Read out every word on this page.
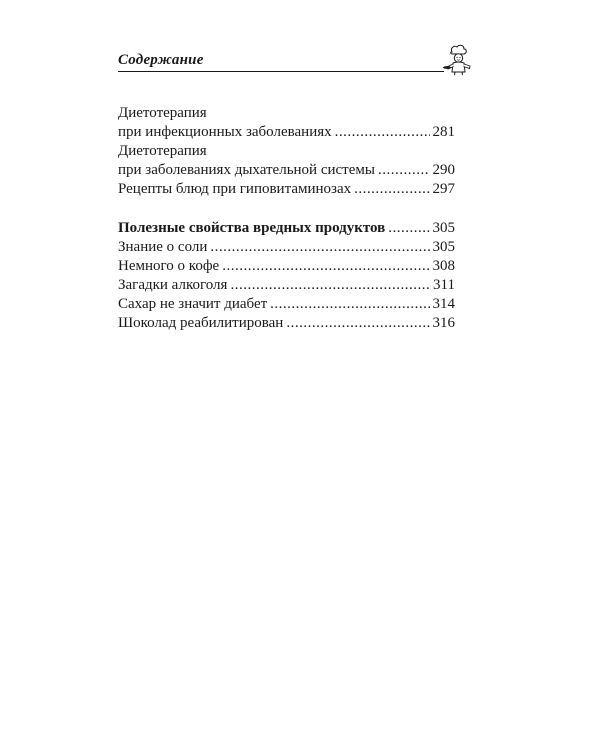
Содержание
Диетотерапия
при инфекционных заболеваниях .....	281
Диетотерапия
при заболеваниях дыхательной системы .....	290
Рецепты блюд при гиповитаминозах .....	297
Полезные свойства вредных продуктов .....	305
Знание о соли .....	305
Немного о кофе .....	308
Загадки алкоголя .....	311
Сахар не значит диабет .....	314
Шоколад реабилитирован .....	316
